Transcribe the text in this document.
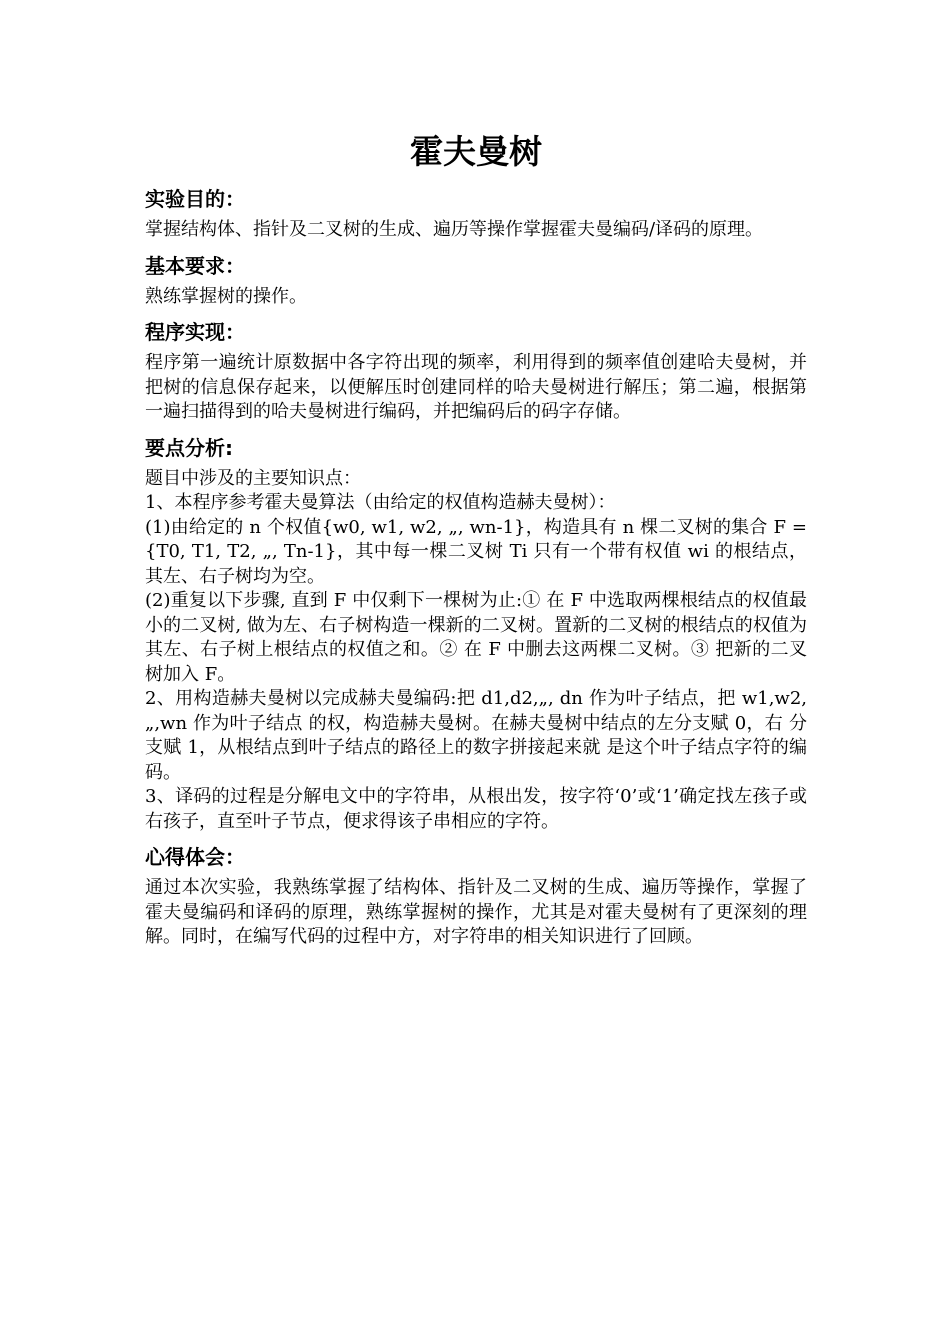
霍夫曼树
实验目的：

掌握结构体、指针及二叉树的生成、遍历等操作掌握霍夫曼编码/译码的原理。

基本要求：

熟练掌握树的操作。

程序实现：

程序第一遍统计原数据中各字符出现的频率，利用得到的频率值创建哈夫曼树，并把树的信息保存起来，以便解压时创建同样的哈夫曼树进行解压；第二遍，根据第一遍扫描得到的哈夫曼树进行编码，并把编码后的码字存储。

要点分析:

题目中涉及的主要知识点：

1、本程序参考霍夫曼算法（由给定的权值构造赫夫曼树）：

(1)由给定的 n 个权值{w0, w1, w2, „, wn-1}，构造具有 n 棵二叉树的集合 F ={T0, T1, T2, „, Tn-1}，其中每一棵二叉树 Ti 只有一个带有权值 wi 的根结点，其左、右子树均为空。

(2)重复以下步骤, 直到 F 中仅剩下一棵树为止:① 在 F 中选取两棵根结点的权值最小的二叉树, 做为左、右子树构造一棵新的二叉树。置新的二叉树的根结点的权值为其左、右子树上根结点的权值之和。② 在 F 中删去这两棵二叉树。③ 把新的二叉树加入 F。

2、用构造赫夫曼树以完成赫夫曼编码:把 d1,d2,„, dn 作为叶子结点，把 w1,w2,„,wn 作为叶子结点 的权，构造赫夫曼树。在赫夫曼树中结点的左分支赋 0，右 分支赋 1，从根结点到叶子结点的路径上的数字拼接起来就 是这个叶子结点字符的编码。

3、译码的过程是分解电文中的字符串，从根出发，按字符‘0’或‘1’确定找左孩子或右孩子，直至叶子节点，便求得该子串相应的字符。

心得体会：

通过本次实验，我熟练掌握了结构体、指针及二叉树的生成、遍历等操作，掌握了霍夫曼编码和译码的原理，熟练掌握树的操作，尤其是对霍夫曼树有了更深刻的理解。同时，在编写代码的过程中方，对字符串的相关知识进行了回顾。
